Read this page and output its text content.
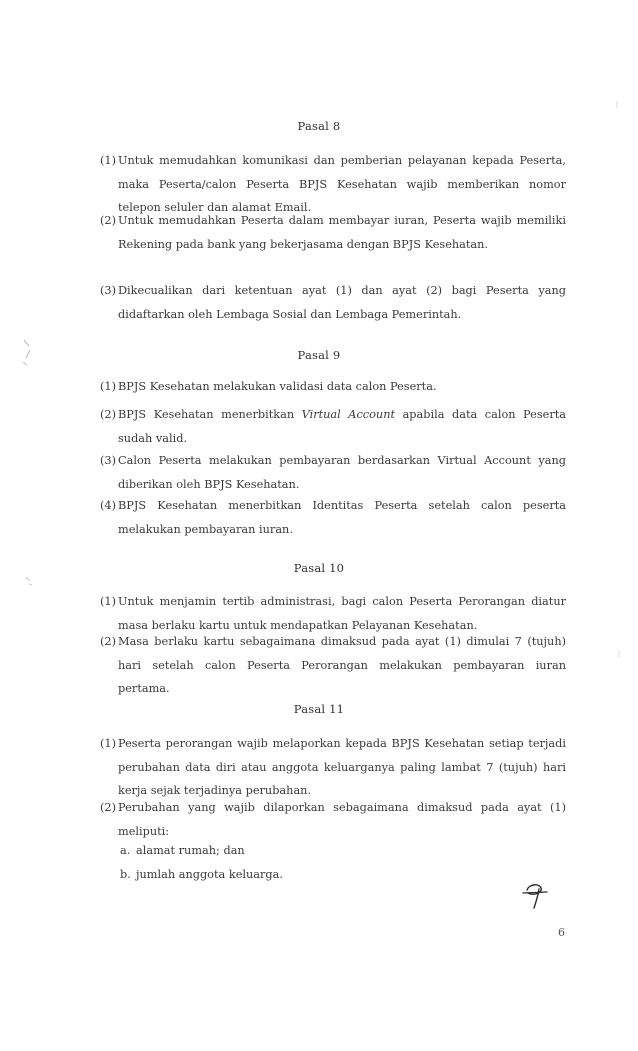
Pasal 8
(1) Untuk memudahkan komunikasi dan pemberian pelayanan kepada Peserta, maka Peserta/calon Peserta BPJS Kesehatan wajib memberikan nomor telepon seluler dan alamat Email.
(2) Untuk memudahkan Peserta dalam membayar iuran, Peserta wajib memiliki Rekening pada bank yang bekerjasama dengan BPJS Kesehatan.
(3) Dikecualikan dari ketentuan ayat (1) dan ayat (2) bagi Peserta yang didaftarkan oleh Lembaga Sosial dan Lembaga Pemerintah.
Pasal 9
(1) BPJS Kesehatan melakukan validasi data calon Peserta.
(2) BPJS Kesehatan menerbitkan Virtual Account apabila data calon Peserta sudah valid.
(3) Calon Peserta melakukan pembayaran berdasarkan Virtual Account yang diberikan oleh BPJS Kesehatan.
(4) BPJS Kesehatan menerbitkan Identitas Peserta setelah calon peserta melakukan pembayaran iuran.
Pasal 10
(1) Untuk menjamin tertib administrasi, bagi calon Peserta Perorangan diatur masa berlaku kartu untuk mendapatkan Pelayanan Kesehatan.
(2) Masa berlaku kartu sebagaimana dimaksud pada ayat (1) dimulai 7 (tujuh) hari setelah calon Peserta Perorangan melakukan pembayaran iuran pertama.
Pasal 11
(1) Peserta perorangan wajib melaporkan kepada BPJS Kesehatan setiap terjadi perubahan data diri atau anggota keluarganya paling lambat 7 (tujuh) hari kerja sejak terjadinya perubahan.
(2) Perubahan yang wajib dilaporkan sebagaimana dimaksud pada ayat (1) meliputi:
a. alamat rumah; dan
b. jumlah anggota keluarga.
6
